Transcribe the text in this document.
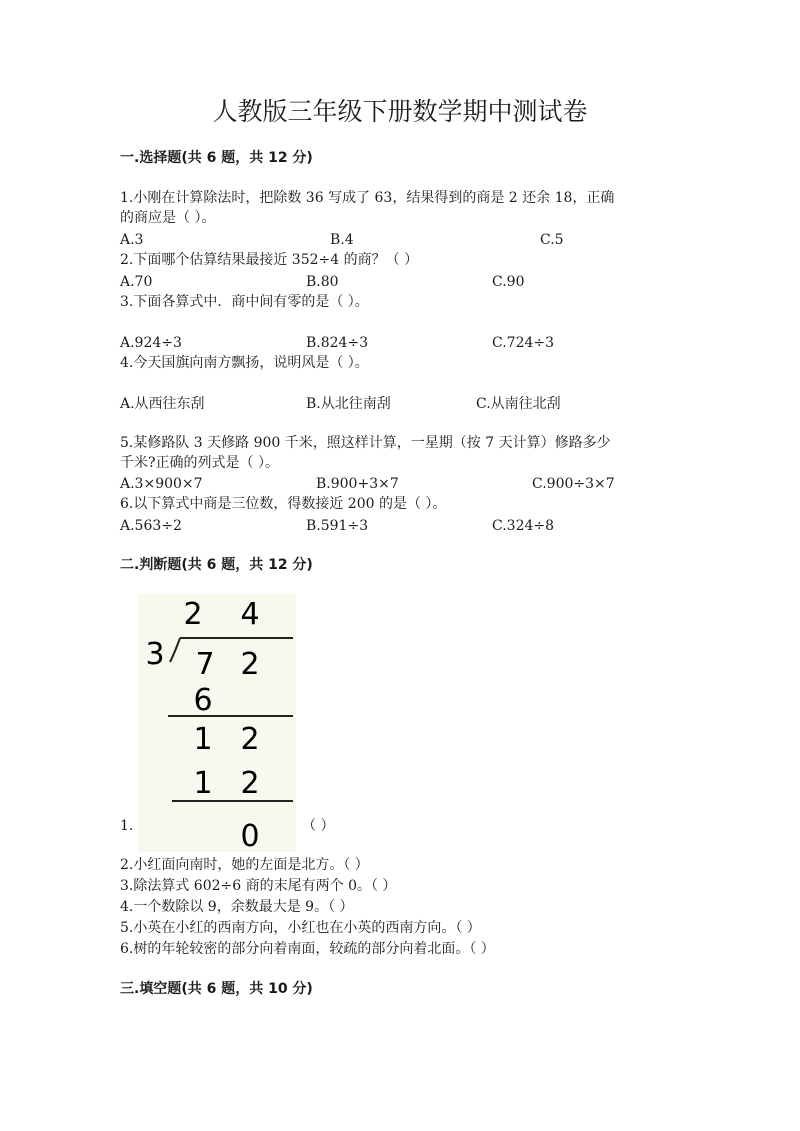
人教版三年级下册数学期中测试卷
一.选择题(共 6 题，共 12 分)
1.小刚在计算除法时，把除数 36 写成了 63，结果得到的商是 2 还余 18，正确
的商应是（ ）。
A.3	B.4	C.5
2.下面哪个估算结果最接近 352÷4 的商？（ ）
A.70	B.80	C.90
3.下面各算式中．商中间有零的是（ ）。
A.924÷3	B.824÷3	C.724÷3
4.今天国旗向南方飘扬，说明风是（ ）。
A.从西往东刮	B.从北往南刮	C.从南往北刮
5.某修路队 3 天修路 900 千米，照这样计算，一星期（按 7 天计算）修路多少
千米?正确的列式是（ ）。
A.3×900×7	B.900+3×7	C.900÷3×7
6.以下算式中商是三位数，得数接近 200 的是（ ）。
A.563÷2	B.591÷3	C.324÷8
二.判断题(共 6 题，共 12 分)
2 4
3 7 2
6
1 2
1 2
0
1.	（ ）
2.小红面向南时，她的左面是北方。（ ）
3.除法算式 602÷6 商的末尾有两个 0。（ ）
4.一个数除以 9，余数最大是 9。（ ）
5.小英在小红的西南方向，小红也在小英的西南方向。（ ）
6.树的年轮较密的部分向着南面，较疏的部分向着北面。（ ）
三.填空题(共 6 题，共 10 分)
